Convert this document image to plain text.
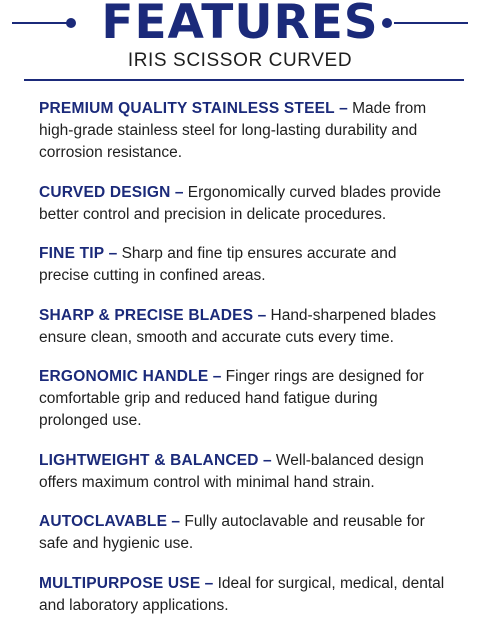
FEATURES
IRIS SCISSOR CURVED

PREMIUM QUALITY STAINLESS STEEL – Made from high-grade stainless steel for long-lasting durability and corrosion resistance.

CURVED DESIGN – Ergonomically curved blades provide better control and precision in delicate procedures.

FINE TIP – Sharp and fine tip ensures accurate and precise cutting in confined areas.

SHARP & PRECISE BLADES – Hand-sharpened blades ensure clean, smooth and accurate cuts every time.

ERGONOMIC HANDLE – Finger rings are designed for comfortable grip and reduced hand fatigue during prolonged use.

LIGHTWEIGHT & BALANCED – Well-balanced design offers maximum control with minimal hand strain.

AUTOCLAVABLE – Fully autoclavable and reusable for safe and hygienic use.

MULTIPURPOSE USE – Ideal for surgical, medical, dental and laboratory applications.
